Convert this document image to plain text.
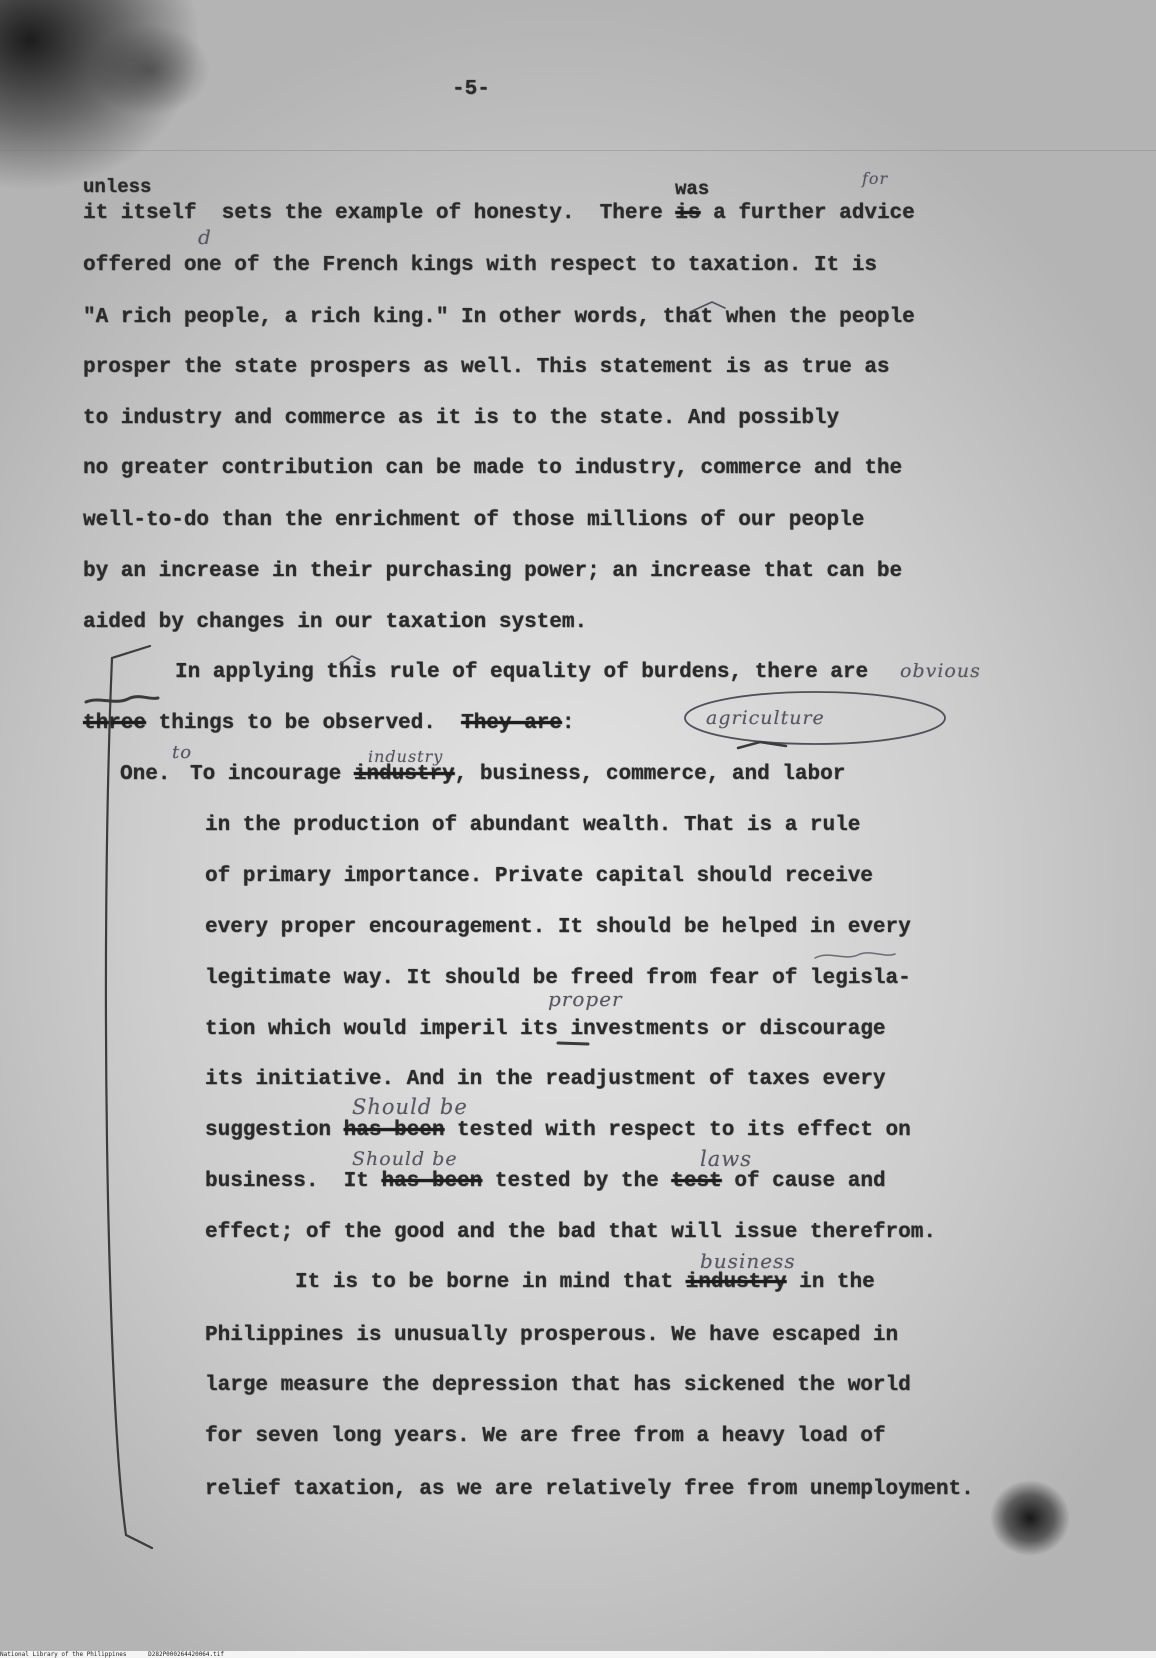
-5-
unless	was
it itself  sets the example of honesty.  There is a further advice
offered one of the French kings with respect to taxation. It is
"A rich people, a rich king." In other words, that when the people
prosper the state prospers as well. This statement is as true as
to industry and commerce as it is to the state. And possibly
no greater contribution can be made to industry, commerce and the
well-to-do than the enrichment of those millions of our people
by an increase in their purchasing power; an increase that can be
aided by changes in our taxation system.
In applying this rule of equality of burdens, there are
three things to be observed.  They are:
One. To incourage industry, business, commerce, and labor
in the production of abundant wealth. That is a rule
of primary importance. Private capital should receive
every proper encouragement. It should be helped in every
legitimate way. It should be freed from fear of legisla-
tion which would imperil its investments or discourage
its initiative. And in the readjustment of taxes every
suggestion has been tested with respect to its effect on
business.  It has been tested by the test of cause and
effect; of the good and the bad that will issue therefrom.
It is to be borne in mind that industry in the
Philippines is unusually prosperous. We have escaped in
large measure the depression that has sickened the world
for seven long years. We are free from a heavy load of
relief taxation, as we are relatively free from unemployment.
for
d
obvious
agriculture
to	industry
proper
Should be
Should be	laws
business
National Library of the Philippines	D282P000264420064.tif
